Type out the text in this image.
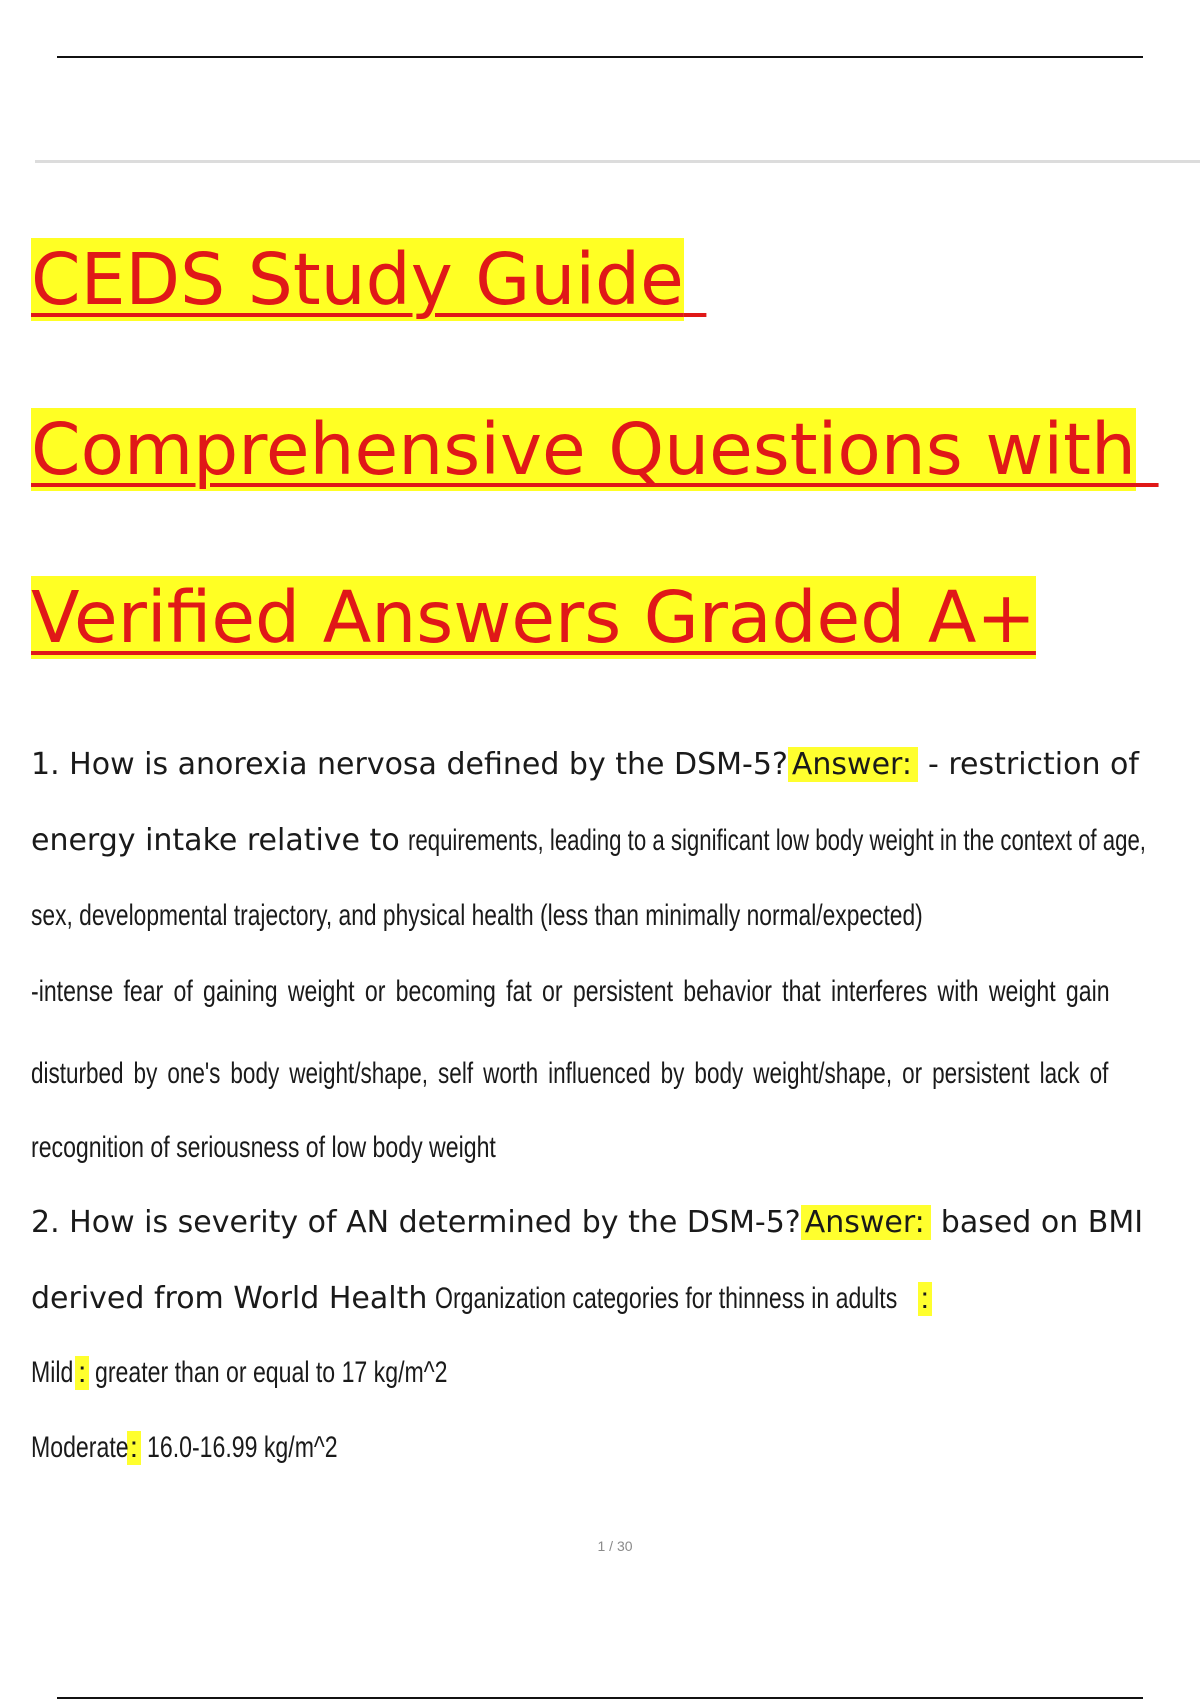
CEDS Study Guide
Comprehensive Questions with
Verified Answers Graded A+

1. How is anorexia nervosa defined by the DSM-5? Answer: - restriction of

energy intake relative to requirements, leading to a significant low body weight in the context of age,

sex, developmental trajectory, and physical health (less than minimally normal/expected)

-intense fear of gaining weight or becoming fat or persistent behavior that interferes with weight gain

disturbed by one's body weight/shape, self worth influenced by body weight/shape, or persistent lack of

recognition of seriousness of low body weight

2. How is severity of AN determined by the DSM-5? Answer: based on BMI

derived from World Health Organization categories for thinness in adults :

Mild : greater than or equal to 17 kg/m^2

Moderate: 16.0-16.99 kg/m^2

1 / 30
